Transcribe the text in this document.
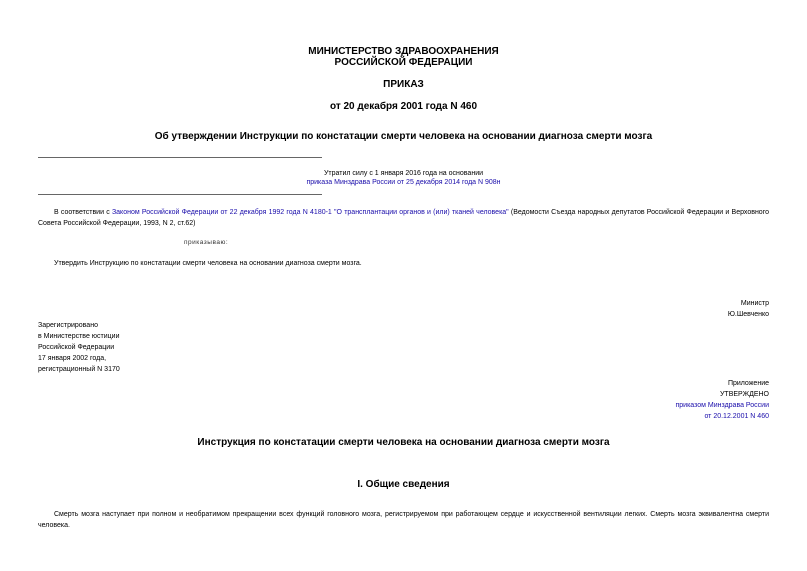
МИНИСТЕРСТВО ЗДРАВООХРАНЕНИЯ
РОССИЙСКОЙ ФЕДЕРАЦИИ
ПРИКАЗ
от 20 декабря 2001 года N 460
Об утверждении Инструкции по констатации смерти человека на основании диагноза смерти мозга
Утратил силу с 1 января 2016 года на основании
приказа Минздрава России от 25 декабря 2014 года N 908н
В соответствии с Законом Российской Федерации от 22 декабря 1992 года N 4180-1 "О трансплантации органов и (или) тканей человека" (Ведомости Съезда народных депутатов Российской Федерации и Верховного Совета Российской Федерации, 1993, N 2, ст.62)
приказываю:
Утвердить Инструкцию по констатации смерти человека на основании диагноза смерти мозга.
Министр
Ю.Шевченко
Зарегистрировано
в Министерстве юстиции
Российской Федерации
17 января 2002 года,
регистрационный N 3170
Приложение
УТВЕРЖДЕНО
приказом Минздрава России
от 20.12.2001 N 460
Инструкция по констатации смерти человека на основании диагноза смерти мозга
I. Общие сведения
Смерть мозга наступает при полном и необратимом прекращении всех функций головного мозга, регистрируемом при работающем сердце и искусственной вентиляции легких. Смерть мозга эквивалентна смерти человека.
